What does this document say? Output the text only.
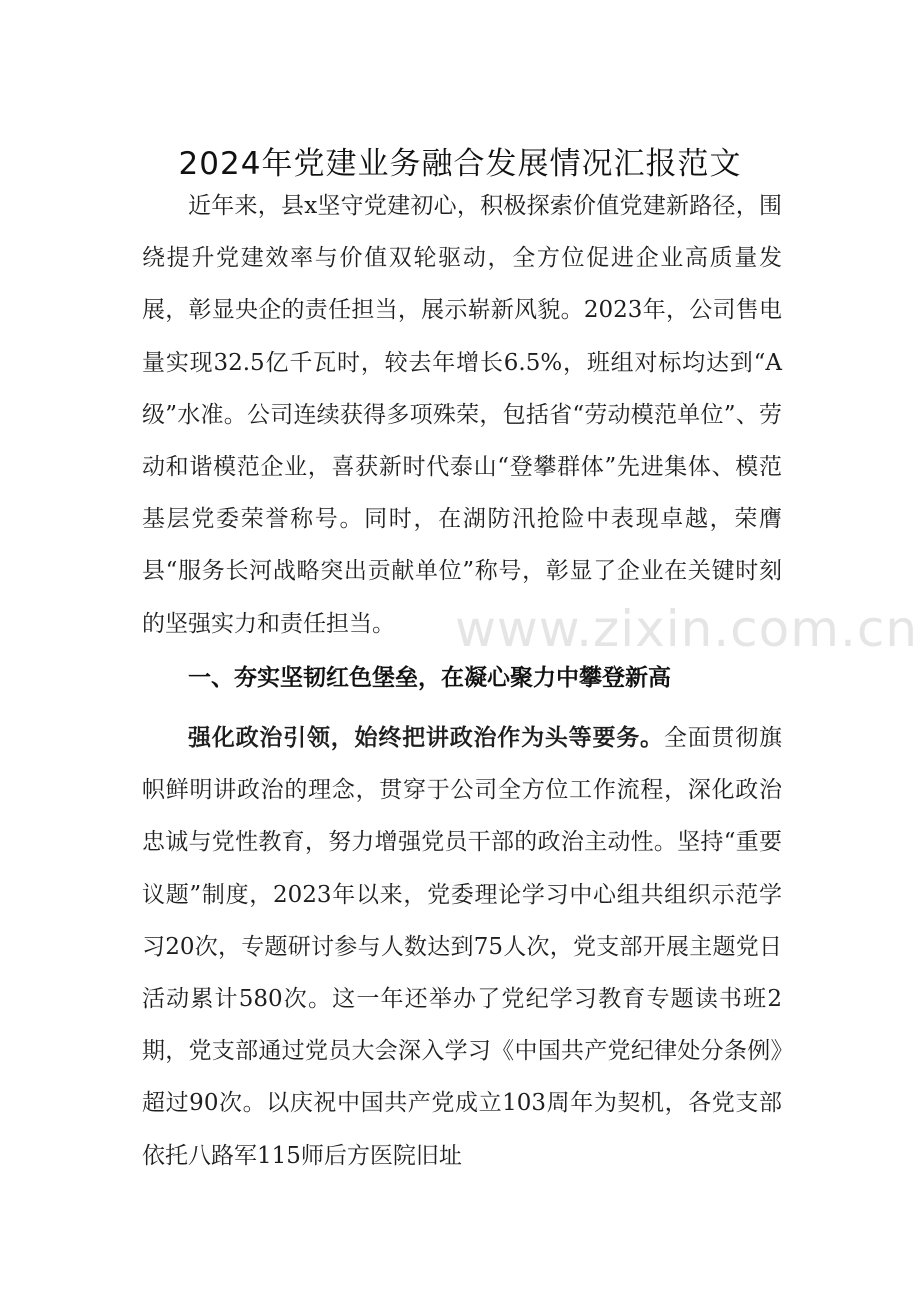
2024年党建业务融合发展情况汇报范文

近年来，县x坚守党建初心，积极探索价值党建新路径，围绕提升党建效率与价值双轮驱动，全方位促进企业高质量发展，彰显央企的责任担当，展示崭新风貌。2023年，公司售电量实现32.5亿千瓦时，较去年增长6.5%，班组对标均达到“A级”水准。公司连续获得多项殊荣，包括省“劳动模范单位”、劳动和谐模范企业，喜获新时代泰山“登攀群体”先进集体、模范基层党委荣誉称号。同时，在湖防汛抢险中表现卓越，荣膺县“服务长河战略突出贡献单位”称号，彰显了企业在关键时刻的坚强实力和责任担当。	www.zixin.com.cn
一、夯实坚韧红色堡垒，在凝心聚力中攀登新高

强化政治引领，始终把讲政治作为头等要务。全面贯彻旗帜鲜明讲政治的理念，贯穿于公司全方位工作流程，深化政治忠诚与党性教育，努力增强党员干部的政治主动性。坚持“重要议题”制度，2023年以来，党委理论学习中心组共组织示范学习20次，专题研讨参与人数达到75人次，党支部开展主题党日活动累计580次。这一年还举办了党纪学习教育专题读书班2期，党支部通过党员大会深入学习《中国共产党纪律处分条例》超过90次。以庆祝中国共产党成立103周年为契机，各党支部依托八路军115师后方医院旧址
